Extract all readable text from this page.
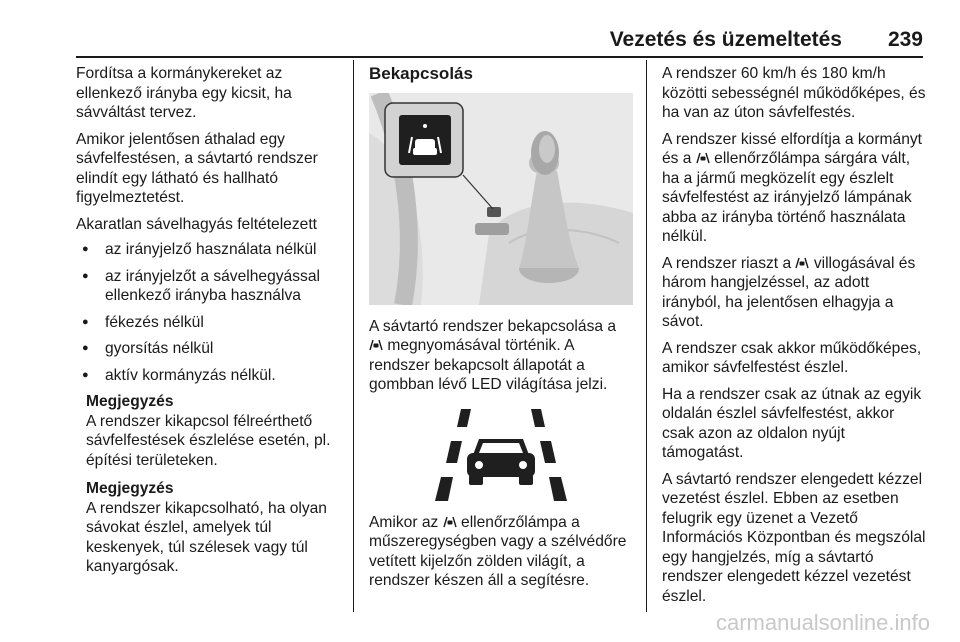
Vezetés és üzemeltetés 239

Fordítsa a kormánykereket az ellenkező irányba egy kicsit, ha sávváltást tervez.

Amikor jelentősen áthalad egy sávfelfestésen, a sávtartó rendszer elindít egy látható és hallható figyelmeztetést.

Akaratlan sávelhagyás feltételezett

● az irányjelző használata nélkül
● az irányjelzőt a sávelhegyással ellenkező irányba használva
● fékezés nélkül
● gyorsítás nélkül
● aktív kormányzás nélkül.
Megjegyzés
A rendszer kikapcsol félreérthető sávfelfestések észlelése esetén, pl. építési területeken.
Megjegyzés
A rendszer kikapcsolható, ha olyan sávokat észlel, amelyek túl keskenyek, túl szélesek vagy túl kanyargósak.
Bekapcsolás

A sávtartó rendszer bekapcsolása a  megnyomásával történik. A rendszer bekapcsolt állapotát a gombban lévő LED világítása jelzi.

Amikor az ellenőrzőlámpa a műszeregységben vagy a szélvédőre vetített kijelzőn zölden világít, a rendszer készen áll a segítésre.

A rendszer 60 km/h és 180 km/h közötti sebességnél működőképes, és ha van az úton sávfelfestés.

A rendszer kissé elfordítja a kormányt és a ellenőrzőlámpa sárgára vált, ha a jármű megközelít egy észlelt sávfelfestést az irányjelző lámpának abba az irányba történő használata nélkül.

A rendszer riaszt a villogásával és három hangjelzéssel, az adott irányból, ha jelentősen elhagyja a sávot.

A rendszer csak akkor működőképes, amikor sávfelfestést észlel.

Ha a rendszer csak az útnak az egyik oldalán észlel sávfelfestést, akkor csak azon az oldalon nyújt támogatást.

A sávtartó rendszer elengedett kézzel vezetést észlel. Ebben az esetben felugrik egy üzenet a Vezető Információs Központban és megszólal egy hangjelzés, míg a sávtartó rendszer elengedett kézzel vezetést észlel.

carmanualsonline.info
